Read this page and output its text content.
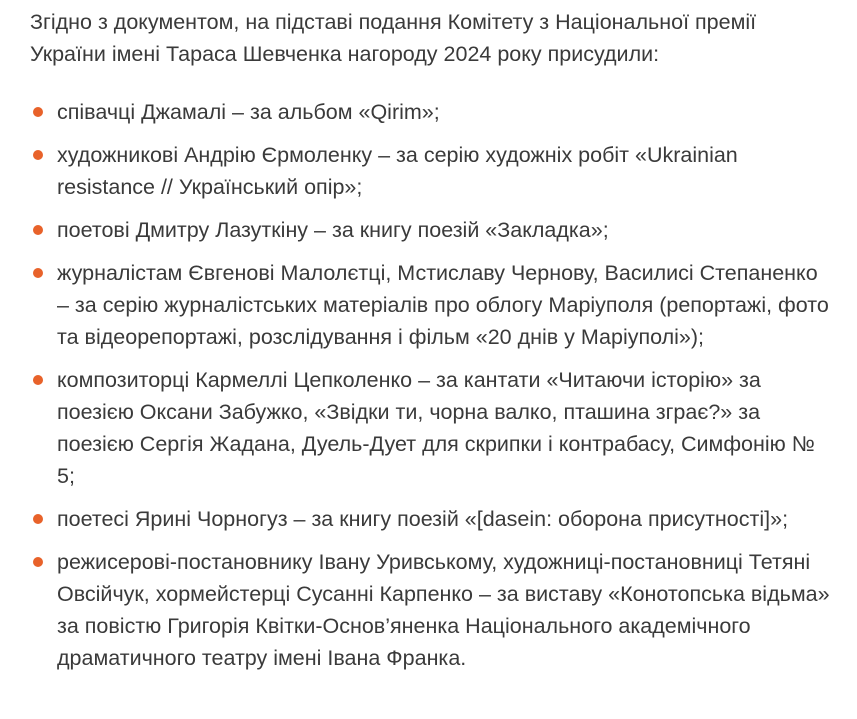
Згідно з документом, на підставі подання Комітету з Національної премії України імені Тараса Шевченка нагороду 2024 року присудили:

співачці Джамалі – за альбом «Qirim»;
художникові Андрію Єрмоленку – за серію художніх робіт «Ukrainian resistance // Український опір»;
поетові Дмитру Лазуткіну – за книгу поезій «Закладка»;
журналістам Євгенові Малолєтці, Мстиславу Чернову, Василисі Степаненко – за серію журналістських матеріалів про облогу Маріуполя (репортажі, фото та відеорепортажі, розслідування і фільм «20 днів у Маріуполі»);
композиторці Кармеллі Цепколенко – за кантати «Читаючи історію» за поезією Оксани Забужко, «Звідки ти, чорна валко, пташина зграє?» за поезією Сергія Жадана, Дуель-Дует для скрипки і контрабасу, Симфонію № 5;
поетесі Ярині Чорногуз – за книгу поезій «[dasein: оборона присутності]»;
режисерові-постановнику Івану Уривському, художниці-постановниці Тетяні Овсійчук, хормейстерці Сусанні Карпенко – за виставу «Конотопська відьма» за повістю Григорія Квітки-Основ’яненка Національного академічного драматичного театру імені Івана Франка.
